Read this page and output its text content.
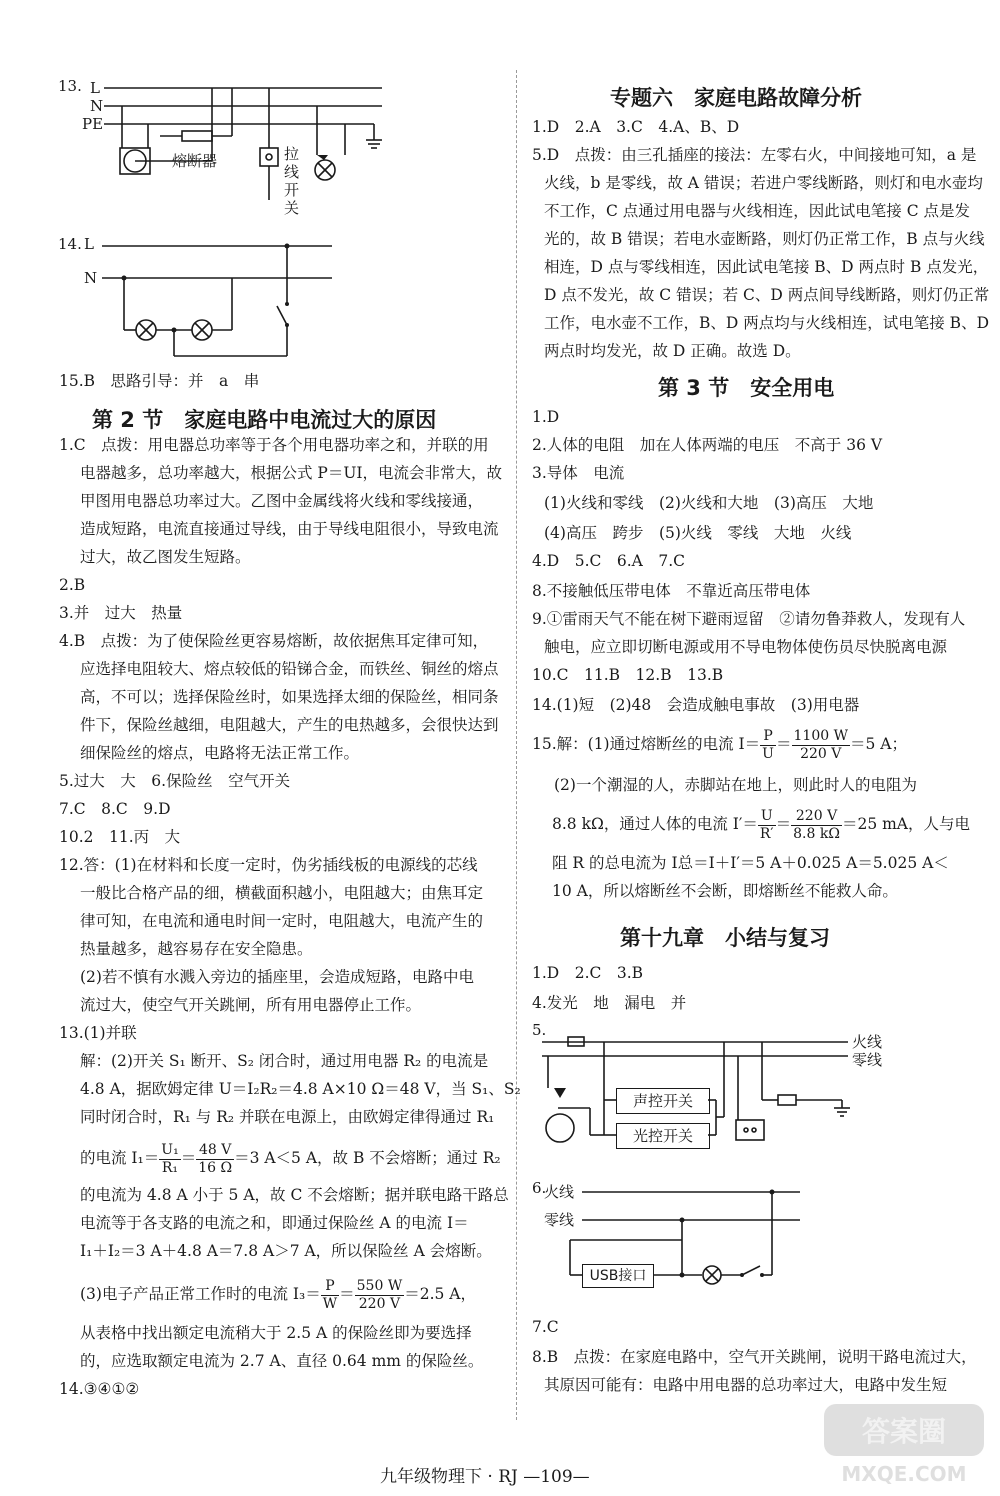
13. L
N
PE
熔断器	拉
线
开
关
14. L
N
15.B　思路引导：并　a　串
第 2 节　家庭电路中电流过大的原因
1.C　点拨：用电器总功率等于各个用电器功率之和，并联的用
电器越多，总功率越大，根据公式 P＝UI，电流会非常大，故
甲图用电器总功率过大。乙图中金属线将火线和零线接通，
造成短路，电流直接通过导线，由于导线电阻很小，导致电流
过大，故乙图发生短路。
2.B
3.并　过大　热量
4.B　点拨：为了使保险丝更容易熔断，故依据焦耳定律可知，
应选择电阻较大、熔点较低的铅锑合金，而铁丝、铜丝的熔点
高，不可以；选择保险丝时，如果选择太细的保险丝，相同条
件下，保险丝越细，电阻越大，产生的电热越多，会很快达到
细保险丝的熔点，电路将无法正常工作。
5.过大　大　6.保险丝　空气开关
7.C　8.C　9.D
10.2　11.丙　大
12.答：(1)在材料和长度一定时，伪劣插线板的电源线的芯线
一般比合格产品的细，横截面积越小，电阻越大；由焦耳定
律可知，在电流和通电时间一定时，电阻越大，电流产生的
热量越多，越容易存在安全隐患。
(2)若不慎有水溅入旁边的插座里，会造成短路，电路中电
流过大，使空气开关跳闸，所有用电器停止工作。
13.(1)并联
解：(2)开关 S₁ 断开、S₂ 闭合时，通过用电器 R₂ 的电流是
4.8 A，据欧姆定律 U＝I₂R₂＝4.8 A×10 Ω＝48 V，当 S₁、S₂
同时闭合时，R₁ 与 R₂ 并联在电源上，由欧姆定律得通过 R₁
的电流 $I_1= \frac{\text{U₁}}{\text{R₁}} = \frac{48 V}{16 \Omega} =3$ A＜5 A，故 B 不会熔断；通过 R₂
的电流为 4.8 A 小于 5 A，故 C 不会熔断；据并联电路干路总
电流等于各支路的电流之和，即通过保险丝 A 的电流 I＝
I₁＋I₂＝3 A＋4.8 A＝7.8 A＞7 A，所以保险丝 A 会熔断。
(3)电子产品正常工作时的电流 $I_3= \frac{P}{W} = \frac{550 W}{220 V} =2.5$ A，
从表格中找出额定电流稍大于 2.5 A 的保险丝即为要选择
的，应选取额定电流为 2.7 A、直径 0.64 mm 的保险丝。
14.③④①②
专题六　家庭电路故障分析
1.D　2.A　3.C　4.A、B、D
5.D　点拨：由三孔插座的接法：左零右火，中间接地可知，a 是
火线，b 是零线，故 A 错误；若进户零线断路，则灯和电水壶均
不工作，C 点通过用电器与火线相连，因此试电笔接 C 点是发
光的，故 B 错误；若电水壶断路，则灯仍正常工作，B 点与火线
相连，D 点与零线相连，因此试电笔接 B、D 两点时 B 点发光，
D 点不发光，故 C 错误；若 C、D 两点间导线断路，则灯仍正常
工作，电水壶不工作，B、D 两点均与火线相连，试电笔接 B、D
两点时均发光，故 D 正确。故选 D。
第 3 节　安全用电
1.D
2.人体的电阻　加在人体两端的电压　不高于 36 V
3.导体　电流
(1)火线和零线　(2)火线和大地　(3)高压　大地
(4)高压　跨步　(5)火线　零线　大地　火线
4.D　5.C　6.A　7.C
8.不接触低压带电体　不靠近高压带电体
9.①雷雨天气不能在树下避雨逗留　②请勿鲁莽救人，发现有人
触电，应立即切断电源或用不导电物体使伤员尽快脱离电源
10.C　11.B　12.B　13.B
14.(1)短　(2)48　会造成触电事故　(3)用电器
15.解：(1)通过熔断丝的电流 $I= \frac{P}{U} = \frac{1100 W}{220 V} =5$ A；
(2)一个潮湿的人，赤脚站在地上，则此时人的电阻为
8.8 kΩ，通过人体的电流 $I'= \frac{U}{R'} = \frac{220 V}{8.8 k\Omega} =25$ mA，人与电
阻 R 的总电流为 I总＝I＋I′＝5 A＋0.025 A＝5.025 A＜
10 A，所以熔断丝不会断，即熔断丝不能救人命。
第十九章　小结与复习
1.D　2.C　3.B
4.发光　地　漏电　并
5.
火线
零线
声控开关
光控开关
6.
火线
零线
USB接口
7.C
8.B　点拨：在家庭电路中，空气开关跳闸，说明干路电流过大，
其原因可能有：电路中用电器的总功率过大，电路中发生短
九年级物理下 · RJ —109—	MXQE.COM
答案圈
